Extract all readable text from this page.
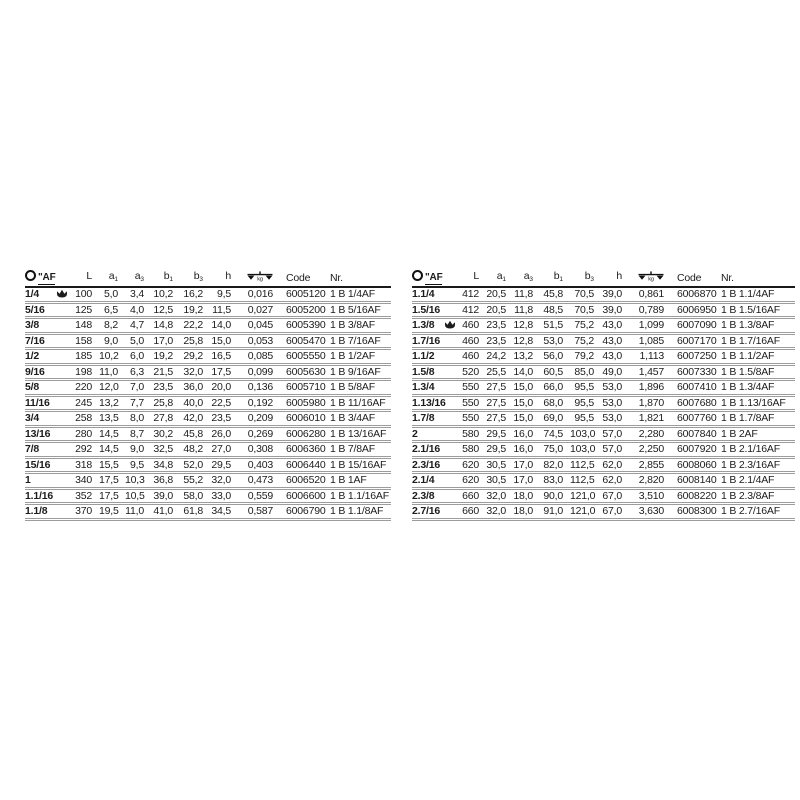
"AF		L	$a_1$	$a_3$	$b_1$	$b_3$	h	kg	Code	Nr.
1/4		100	5,0	3,4	10,2	16,2	9,5	0,016	6005120	1 B 1/4AF
5/16		125	6,5	4,0	12,5	19,2	11,5	0,027	6005200	1 B 5/16AF
3/8		148	8,2	4,7	14,8	22,2	14,0	0,045	6005390	1 B 3/8AF
7/16		158	9,0	5,0	17,0	25,8	15,0	0,053	6005470	1 B 7/16AF
1/2		185	10,2	6,0	19,2	29,2	16,5	0,085	6005550	1 B 1/2AF
9/16		198	11,0	6,3	21,5	32,0	17,5	0,099	6005630	1 B 9/16AF
5/8		220	12,0	7,0	23,5	36,0	20,0	0,136	6005710	1 B 5/8AF
11/16		245	13,2	7,7	25,8	40,0	22,5	0,192	6005980	1 B 11/16AF
3/4		258	13,5	8,0	27,8	42,0	23,5	0,209	6006010	1 B 3/4AF
13/16		280	14,5	8,7	30,2	45,8	26,0	0,269	6006280	1 B 13/16AF
7/8		292	14,5	9,0	32,5	48,2	27,0	0,308	6006360	1 B 7/8AF
15/16		318	15,5	9,5	34,8	52,0	29,5	0,403	6006440	1 B 15/16AF
1		340	17,5	10,3	36,8	55,2	32,0	0,473	6006520	1 B 1AF
1.1/16		352	17,5	10,5	39,0	58,0	33,0	0,559	6006600	1 B 1.1/16AF
1.1/8		370	19,5	11,0	41,0	61,8	34,5	0,587	6006790	1 B 1.1/8AF
"AF		L	$a_1$	$a_3$	$b_1$	$b_3$	h	kg	Code	Nr.
1.1/4		412	20,5	11,8	45,8	70,5	39,0	0,861	6006870	1 B 1.1/4AF
1.5/16		412	20,5	11,8	48,5	70,5	39,0	0,789	6006950	1 B 1.5/16AF
1.3/8		460	23,5	12,8	51,5	75,2	43,0	1,099	6007090	1 B 1.3/8AF
1.7/16		460	23,5	12,8	53,0	75,2	43,0	1,085	6007170	1 B 1.7/16AF
1.1/2		460	24,2	13,2	56,0	79,2	43,0	1,113	6007250	1 B 1.1/2AF
1.5/8		520	25,5	14,0	60,5	85,0	49,0	1,457	6007330	1 B 1.5/8AF
1.3/4		550	27,5	15,0	66,0	95,5	53,0	1,896	6007410	1 B 1.3/4AF
1.13/16		550	27,5	15,0	68,0	95,5	53,0	1,870	6007680	1 B 1.13/16AF
1.7/8		550	27,5	15,0	69,0	95,5	53,0	1,821	6007760	1 B 1.7/8AF
2		580	29,5	16,0	74,5	103,0	57,0	2,280	6007840	1 B 2AF
2.1/16		580	29,5	16,0	75,0	103,0	57,0	2,250	6007920	1 B 2.1/16AF
2.3/16		620	30,5	17,0	82,0	112,5	62,0	2,855	6008060	1 B 2.3/16AF
2.1/4		620	30,5	17,0	83,0	112,5	62,0	2,820	6008140	1 B 2.1/4AF
2.3/8		660	32,0	18,0	90,0	121,0	67,0	3,510	6008220	1 B 2.3/8AF
2.7/16		660	32,0	18,0	91,0	121,0	67,0	3,630	6008300	1 B 2.7/16AF
